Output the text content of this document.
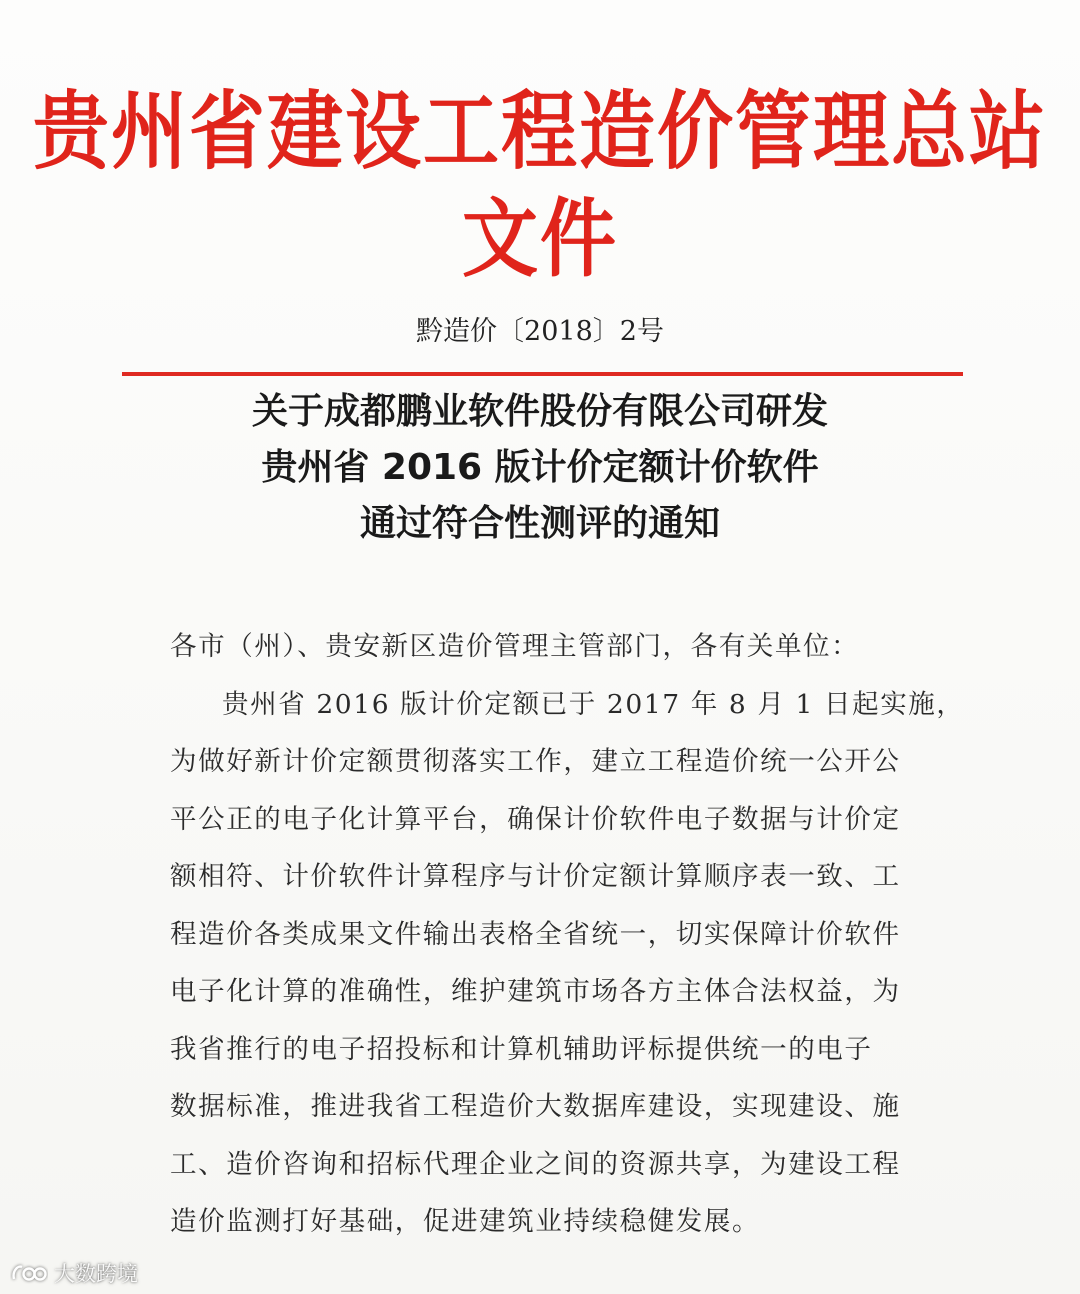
贵州省建设工程造价管理总站文件
黔造价〔2018〕2号
关于成都鹏业软件股份有限公司研发
贵州省 2016 版计价定额计价软件
通过符合性测评的通知
各市（州）、贵安新区造价管理主管部门，各有关单位：
贵州省 2016 版计价定额已于 2017 年 8 月 1 日起实施，
为做好新计价定额贯彻落实工作，建立工程造价统一公开公
平公正的电子化计算平台，确保计价软件电子数据与计价定
额相符、计价软件计算程序与计价定额计算顺序表一致、工
程造价各类成果文件输出表格全省统一，切实保障计价软件
电子化计算的准确性，维护建筑市场各方主体合法权益，为
我省推行的电子招投标和计算机辅助评标提供统一的电子
数据标准，推进我省工程造价大数据库建设，实现建设、施
工、造价咨询和招标代理企业之间的资源共享，为建设工程
造价监测打好基础，促进建筑业持续稳健发展。
大数跨境
